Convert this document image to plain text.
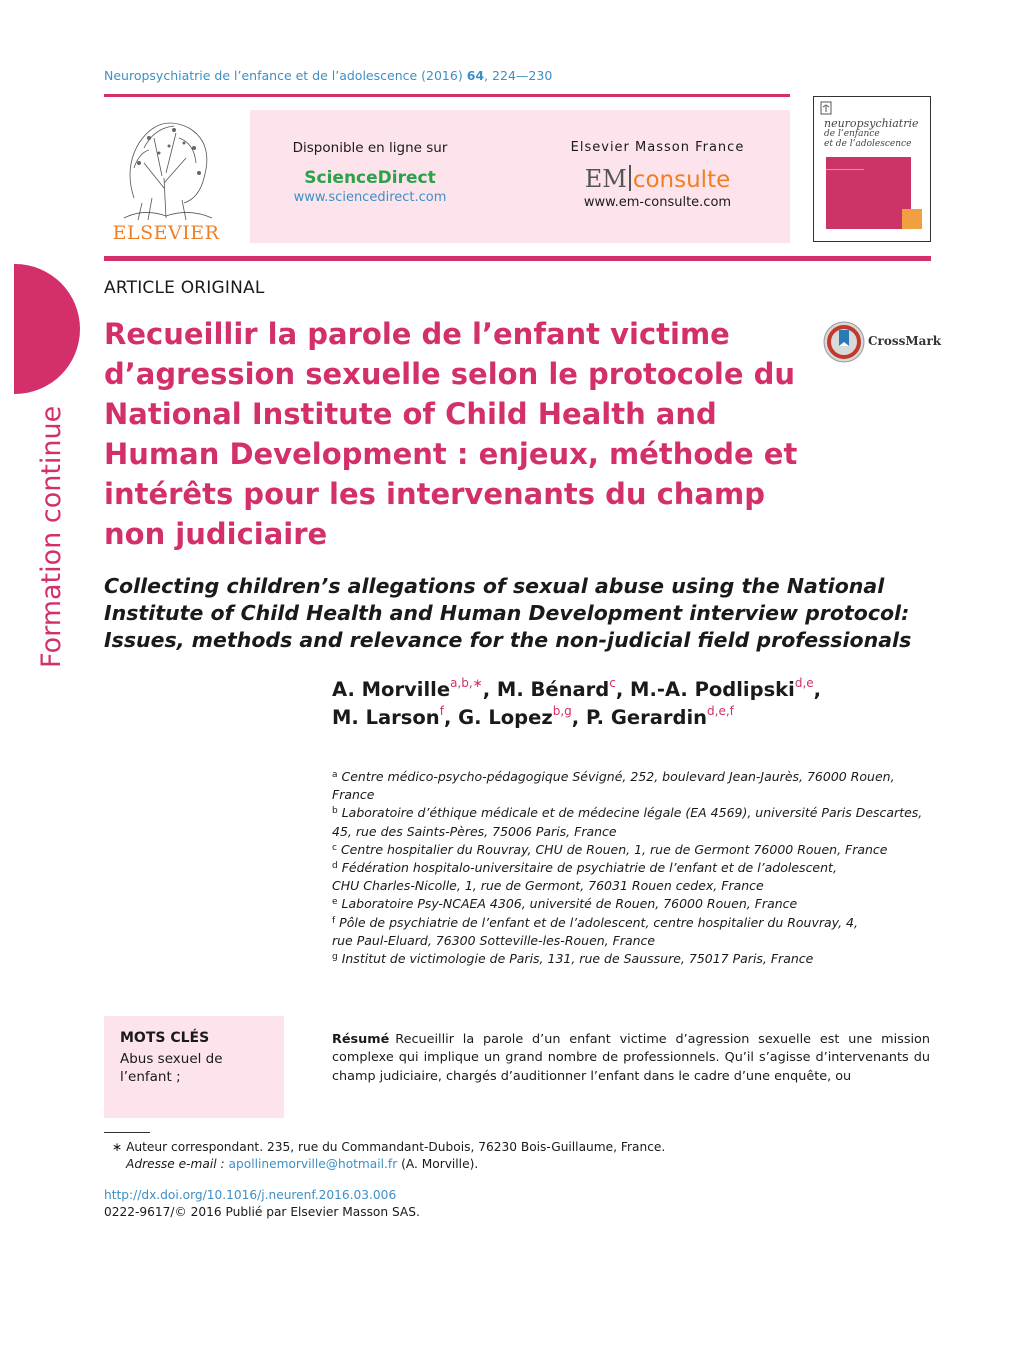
Neuropsychiatrie de l’enfance et de l’adolescence (2016) 64, 224—230
ELSEVIER
Disponible en ligne sur
ScienceDirect
www.sciencedirect.com
Elsevier Masson France
EM consulte
www.em-consulte.com
neuropsychiatrie
de l’enfance
et de l’adolescence
Formation continue
ARTICLE ORIGINAL
Recueillir la parole de l’enfant victime d’agression sexuelle selon le protocole du National Institute of Child Health and Human Development : enjeux, méthode et intérêts pour les intervenants du champ non judiciaire
CrossMark
Collecting children’s allegations of sexual abuse using the National Institute of Child Health and Human Development interview protocol: Issues, methods and relevance for the non-judicial field professionals
A. Morville$^{a,b,∗}$, M. Bénard$^c$, M.-A. Podlipski$^{d,e}$,
M. Larson$^f$, G. Lopez$^{b,g}$, P. Gerardin$^{d,e,f}$
$^a$ Centre médico-psycho-pédagogique Sévigné, 252, boulevard Jean-Jaurès, 76000 Rouen,
France
$^b$ Laboratoire d’éthique médicale et de médecine légale (EA 4569), université Paris Descartes,
45, rue des Saints-Pères, 75006 Paris, France
$^c$ Centre hospitalier du Rouvray, CHU de Rouen, 1, rue de Germont 76000 Rouen, France
$^d$ Fédération hospitalo-universitaire de psychiatrie de l’enfant et de l’adolescent,
CHU Charles-Nicolle, 1, rue de Germont, 76031 Rouen cedex, France
$^e$ Laboratoire Psy-NCAEA 4306, université de Rouen, 76000 Rouen, France
$^f$ Pôle de psychiatrie de l’enfant et de l’adolescent, centre hospitalier du Rouvray, 4,
rue Paul-Eluard, 76300 Sotteville-les-Rouen, France
$^g$ Institut de victimologie de Paris, 131, rue de Saussure, 75017 Paris, France
MOTS CLÉS
Abus sexuel de l’enfant ;
Résumé Recueillir la parole d’un enfant victime d’agression sexuelle est une mission complexe qui implique un grand nombre de professionnels. Qu’il s’agisse d’intervenants du champ judiciaire, chargés d’auditionner l’enfant dans le cadre d’une enquête, ou
∗ Auteur correspondant. 235, rue du Commandant-Dubois, 76230 Bois-Guillaume, France.
Adresse e-mail : apollinemorville@hotmail.fr (A. Morville).
http://dx.doi.org/10.1016/j.neurenf.2016.03.006
0222-9617/© 2016 Publié par Elsevier Masson SAS.
